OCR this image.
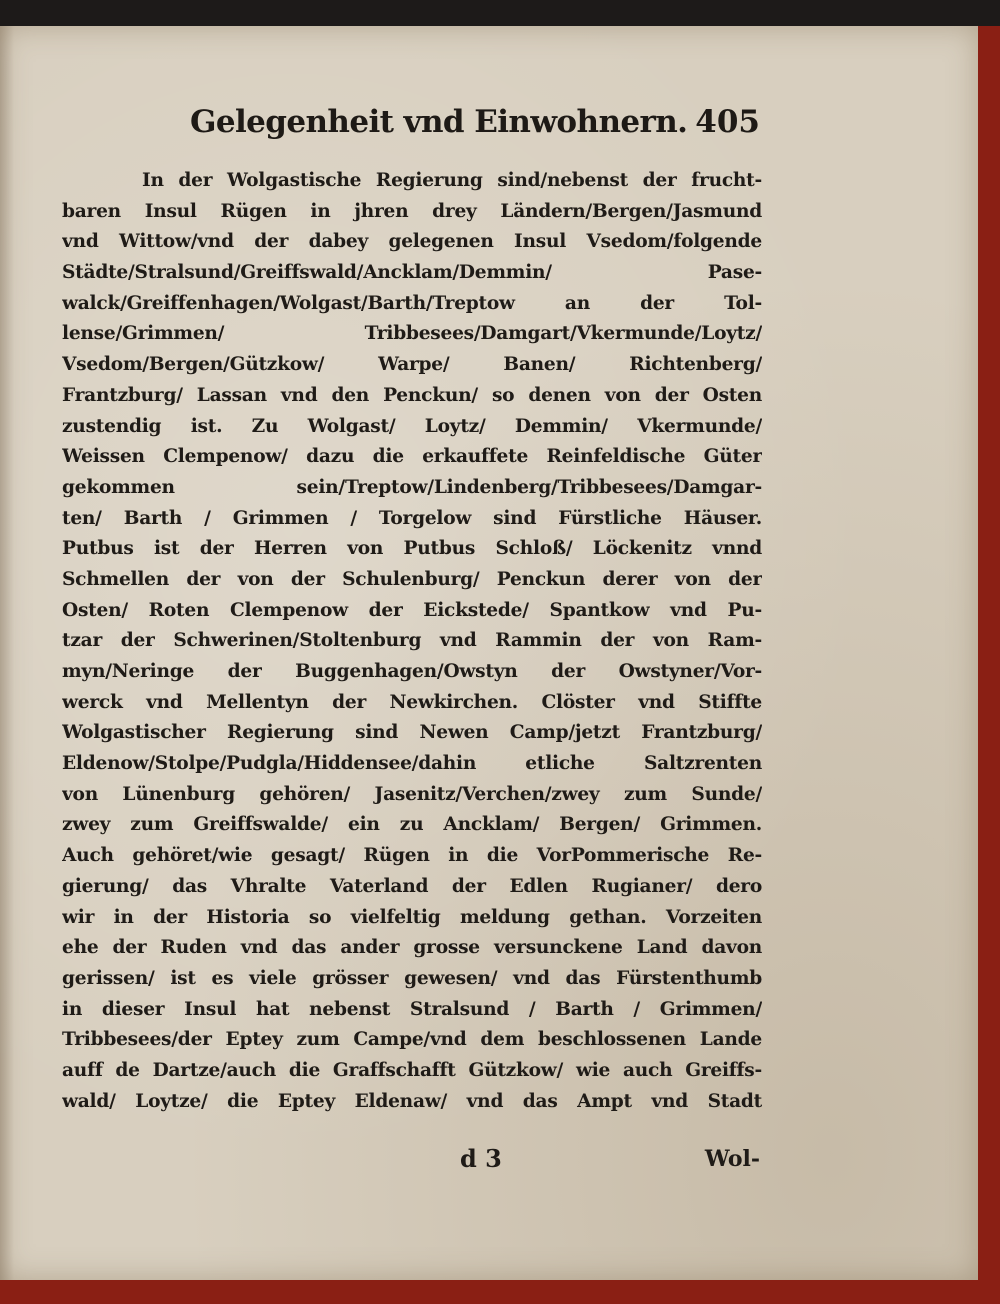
Gelegenheit vnd Einwohnern. 405
In der Wolgastische Regierung sind/nebenst der frucht-
baren Insul Rügen in jhren drey Ländern/Bergen/Jasmund
vnd Wittow/vnd der dabey gelegenen Insul Vsedom/folgende
Städte/Stralsund/Greiffswald/Ancklam/Demmin/ Pase-
walck/Greiffenhagen/Wolgast/Barth/Treptow an der Tol-
lense/Grimmen/ Tribbesees/Damgart/Vkermunde/Loytz/
Vsedom/Bergen/Gützkow/ Warpe/ Banen/ Richtenberg/
Frantzburg/ Lassan vnd den Penckun/ so denen von der Osten
zustendig ist. Zu Wolgast/ Loytz/ Demmin/ Vkermunde/
Weissen Clempenow/ dazu die erkauffete Reinfeldische Güter
gekommen sein/Treptow/Lindenberg/Tribbesees/Damgar-
ten/ Barth / Grimmen / Torgelow sind Fürstliche Häuser.
Putbus ist der Herren von Putbus Schloß/ Löckenitz vnnd
Schmellen der von der Schulenburg/ Penckun derer von der
Osten/ Roten Clempenow der Eickstede/ Spantkow vnd Pu-
tzar der Schwerinen/Stoltenburg vnd Rammin der von Ram-
myn/Neringe der Buggenhagen/Owstyn der Owstyner/Vor-
werck vnd Mellentyn der Newkirchen. Clöster vnd Stiffte
Wolgastischer Regierung sind Newen Camp/jetzt Frantzburg/
Eldenow/Stolpe/Pudgla/Hiddensee/dahin etliche Saltzrenten
von Lünenburg gehören/ Jasenitz/Verchen/zwey zum Sunde/
zwey zum Greiffswalde/ ein zu Ancklam/ Bergen/ Grimmen.
Auch gehöret/wie gesagt/ Rügen in die VorPommerische Re-
gierung/ das Vhralte Vaterland der Edlen Rugianer/ dero
wir in der Historia so vielfeltig meldung gethan. Vorzeiten
ehe der Ruden vnd das ander grosse versunckene Land davon
gerissen/ ist es viele grösser gewesen/ vnd das Fürstenthumb
in dieser Insul hat nebenst Stralsund / Barth / Grimmen/
Tribbesees/der Eptey zum Campe/vnd dem beschlossenen Lande
auff de Dartze/auch die Graffschafft Gützkow/ wie auch Greiffs-
wald/ Loytze/ die Eptey Eldenaw/ vnd das Ampt vnd Stadt
d 3	Wol-
